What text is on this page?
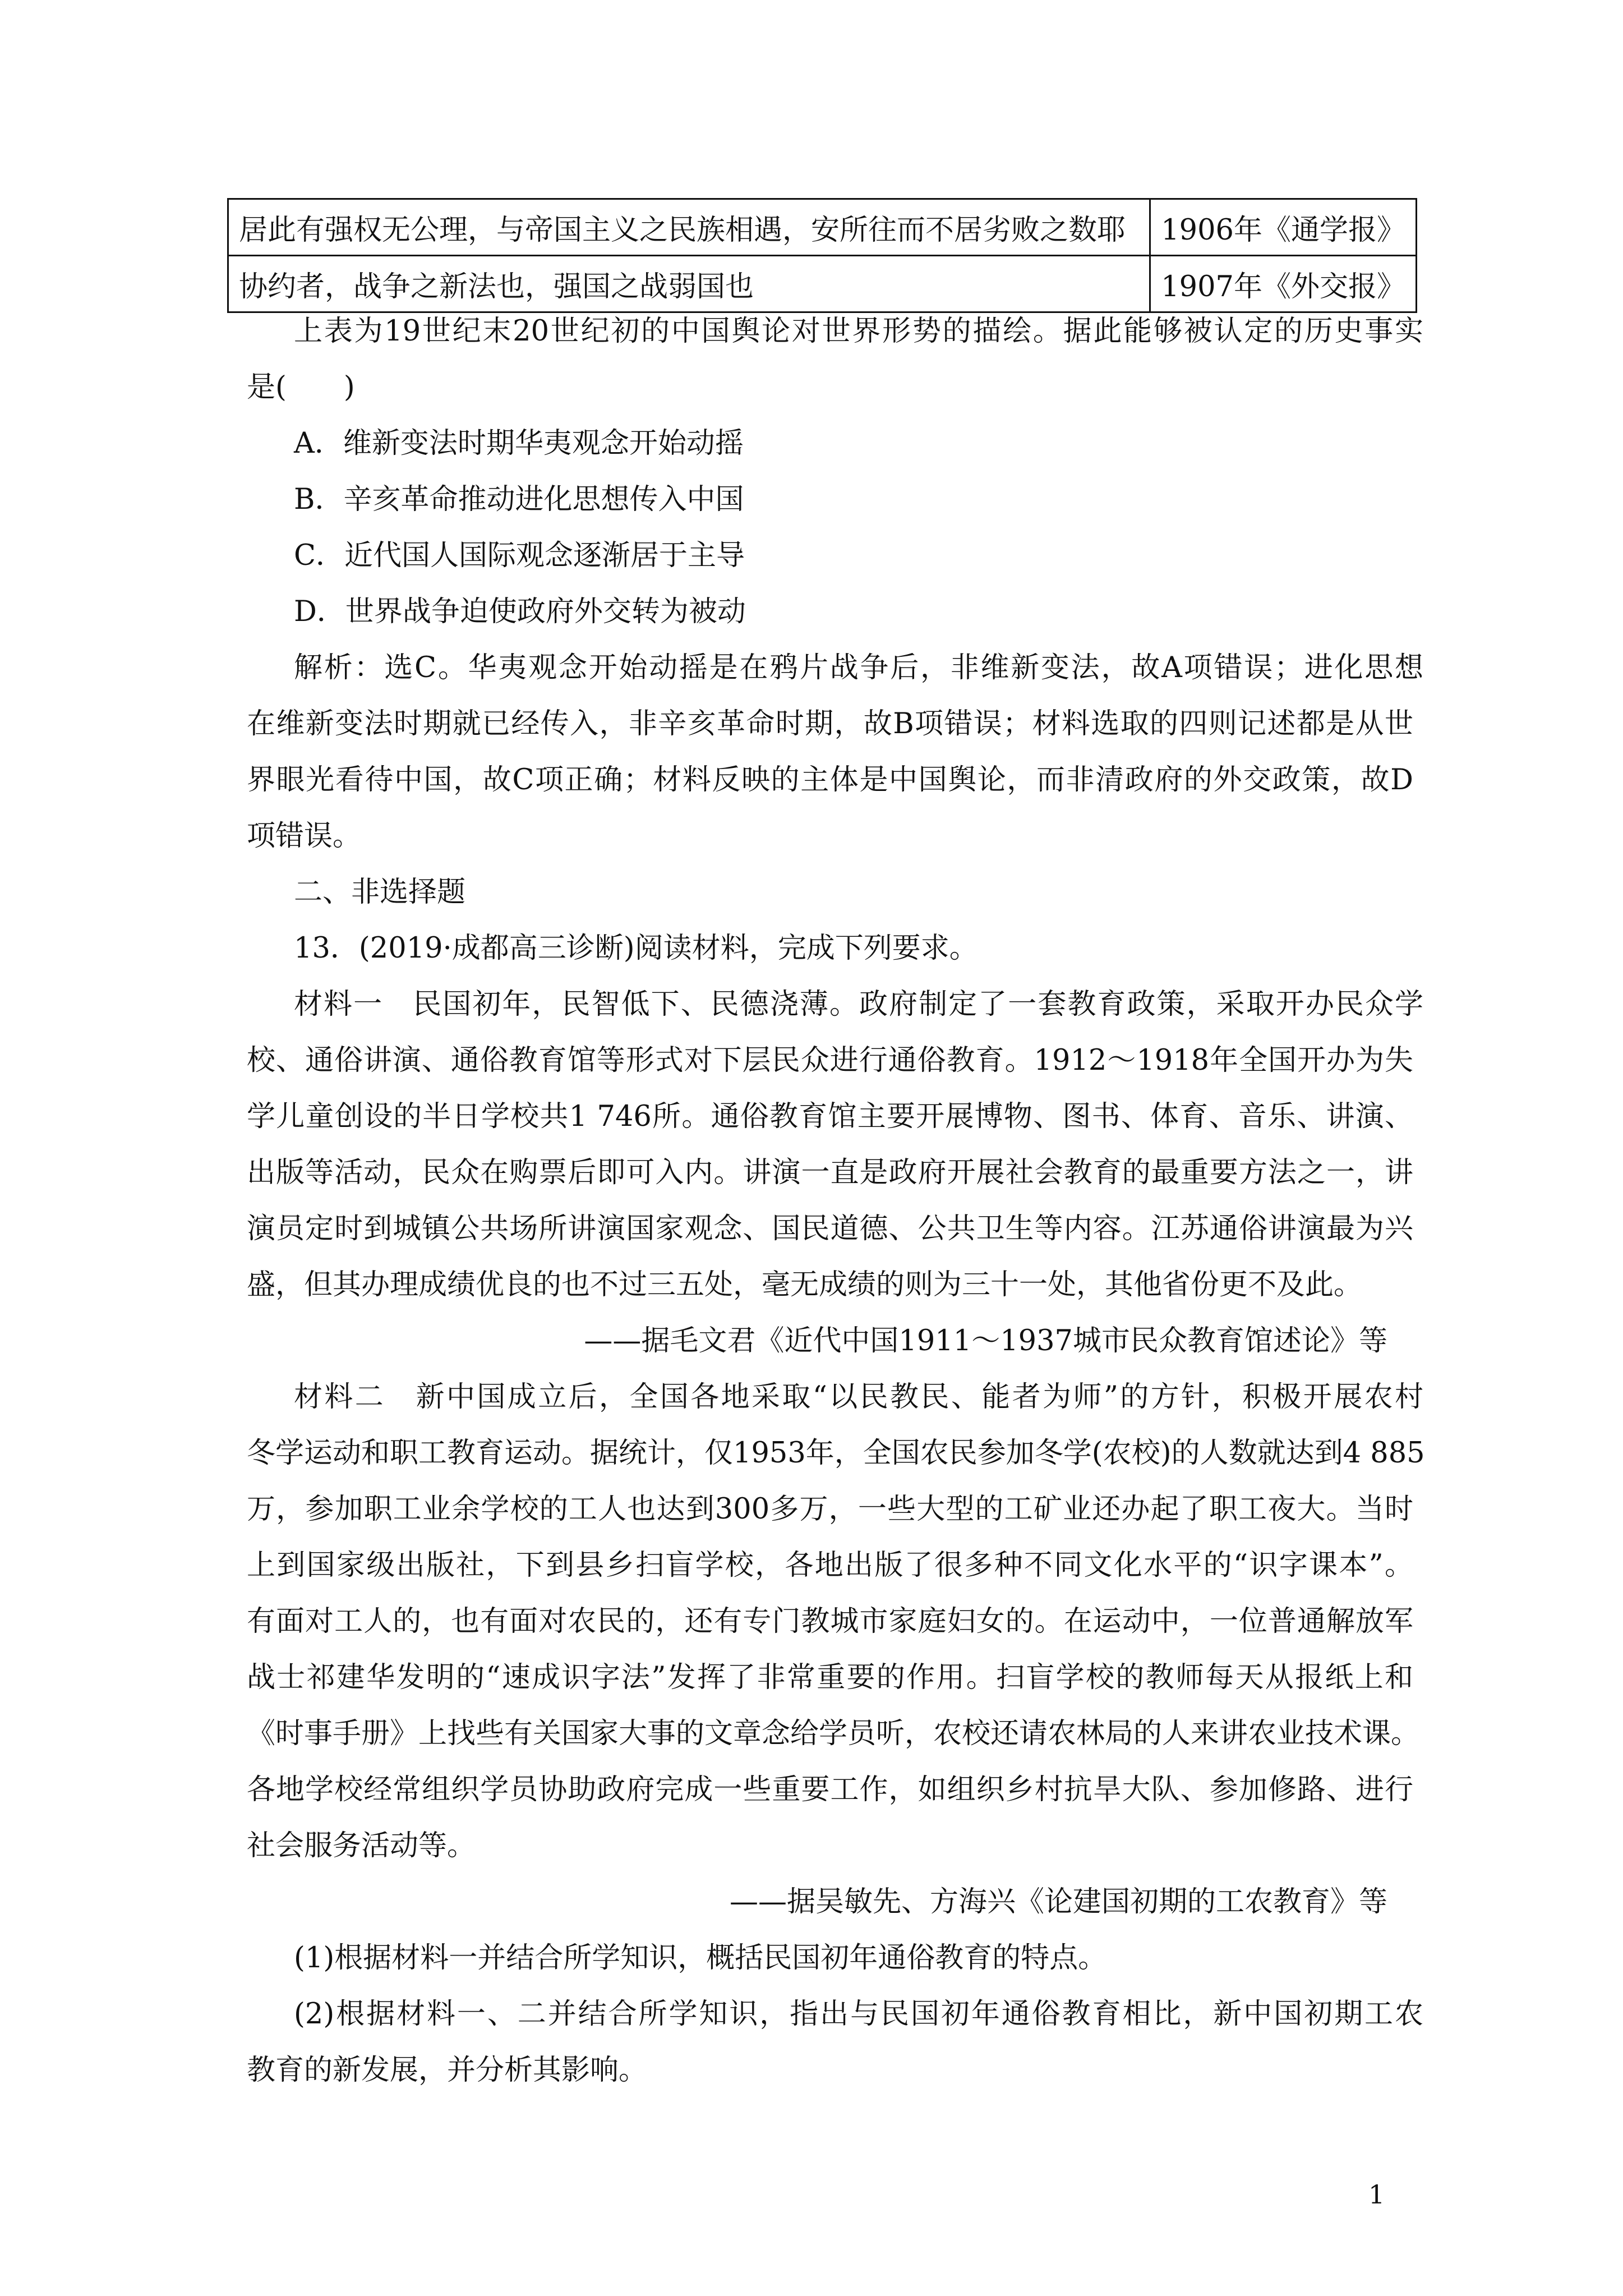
居此有强权无公理，与帝国主义之民族相遇，安所往而不居劣败之数耶	1906年《通学报》
协约者，战争之新法也，强国之战弱国也	1907年《外交报》
上表为19世纪末20世纪初的中国舆论对世界形势的描绘。据此能够被认定的历史事实
是(　　)
A．维新变法时期华夷观念开始动摇
B．辛亥革命推动进化思想传入中国
C．近代国人国际观念逐渐居于主导
D．世界战争迫使政府外交转为被动
解析：选C。华夷观念开始动摇是在鸦片战争后，非维新变法，故A项错误；进化思想
在维新变法时期就已经传入，非辛亥革命时期，故B项错误；材料选取的四则记述都是从世
界眼光看待中国，故C项正确；材料反映的主体是中国舆论，而非清政府的外交政策，故D
项错误。
二、非选择题
13．(2019·成都高三诊断)阅读材料，完成下列要求。
材料一　民国初年，民智低下、民德浇薄。政府制定了一套教育政策，采取开办民众学
校、通俗讲演、通俗教育馆等形式对下层民众进行通俗教育。1912～1918年全国开办为失
学儿童创设的半日学校共1 746所。通俗教育馆主要开展博物、图书、体育、音乐、讲演、
出版等活动，民众在购票后即可入内。讲演一直是政府开展社会教育的最重要方法之一，讲
演员定时到城镇公共场所讲演国家观念、国民道德、公共卫生等内容。江苏通俗讲演最为兴
盛，但其办理成绩优良的也不过三五处，毫无成绩的则为三十一处，其他省份更不及此。
——据毛文君《近代中国1911～1937城市民众教育馆述论》等
材料二　新中国成立后，全国各地采取“以民教民、能者为师”的方针，积极开展农村
冬学运动和职工教育运动。据统计，仅1953年，全国农民参加冬学(农校)的人数就达到4 885
万，参加职工业余学校的工人也达到300多万，一些大型的工矿业还办起了职工夜大。当时
上到国家级出版社，下到县乡扫盲学校，各地出版了很多种不同文化水平的“识字课本”。
有面对工人的，也有面对农民的，还有专门教城市家庭妇女的。在运动中，一位普通解放军
战士祁建华发明的“速成识字法”发挥了非常重要的作用。扫盲学校的教师每天从报纸上和
《时事手册》上找些有关国家大事的文章念给学员听，农校还请农林局的人来讲农业技术课。
各地学校经常组织学员协助政府完成一些重要工作，如组织乡村抗旱大队、参加修路、进行
社会服务活动等。
——据吴敏先、方海兴《论建国初期的工农教育》等
(1)根据材料一并结合所学知识，概括民国初年通俗教育的特点。
(2)根据材料一、二并结合所学知识，指出与民国初年通俗教育相比，新中国初期工农
教育的新发展，并分析其影响。
1
